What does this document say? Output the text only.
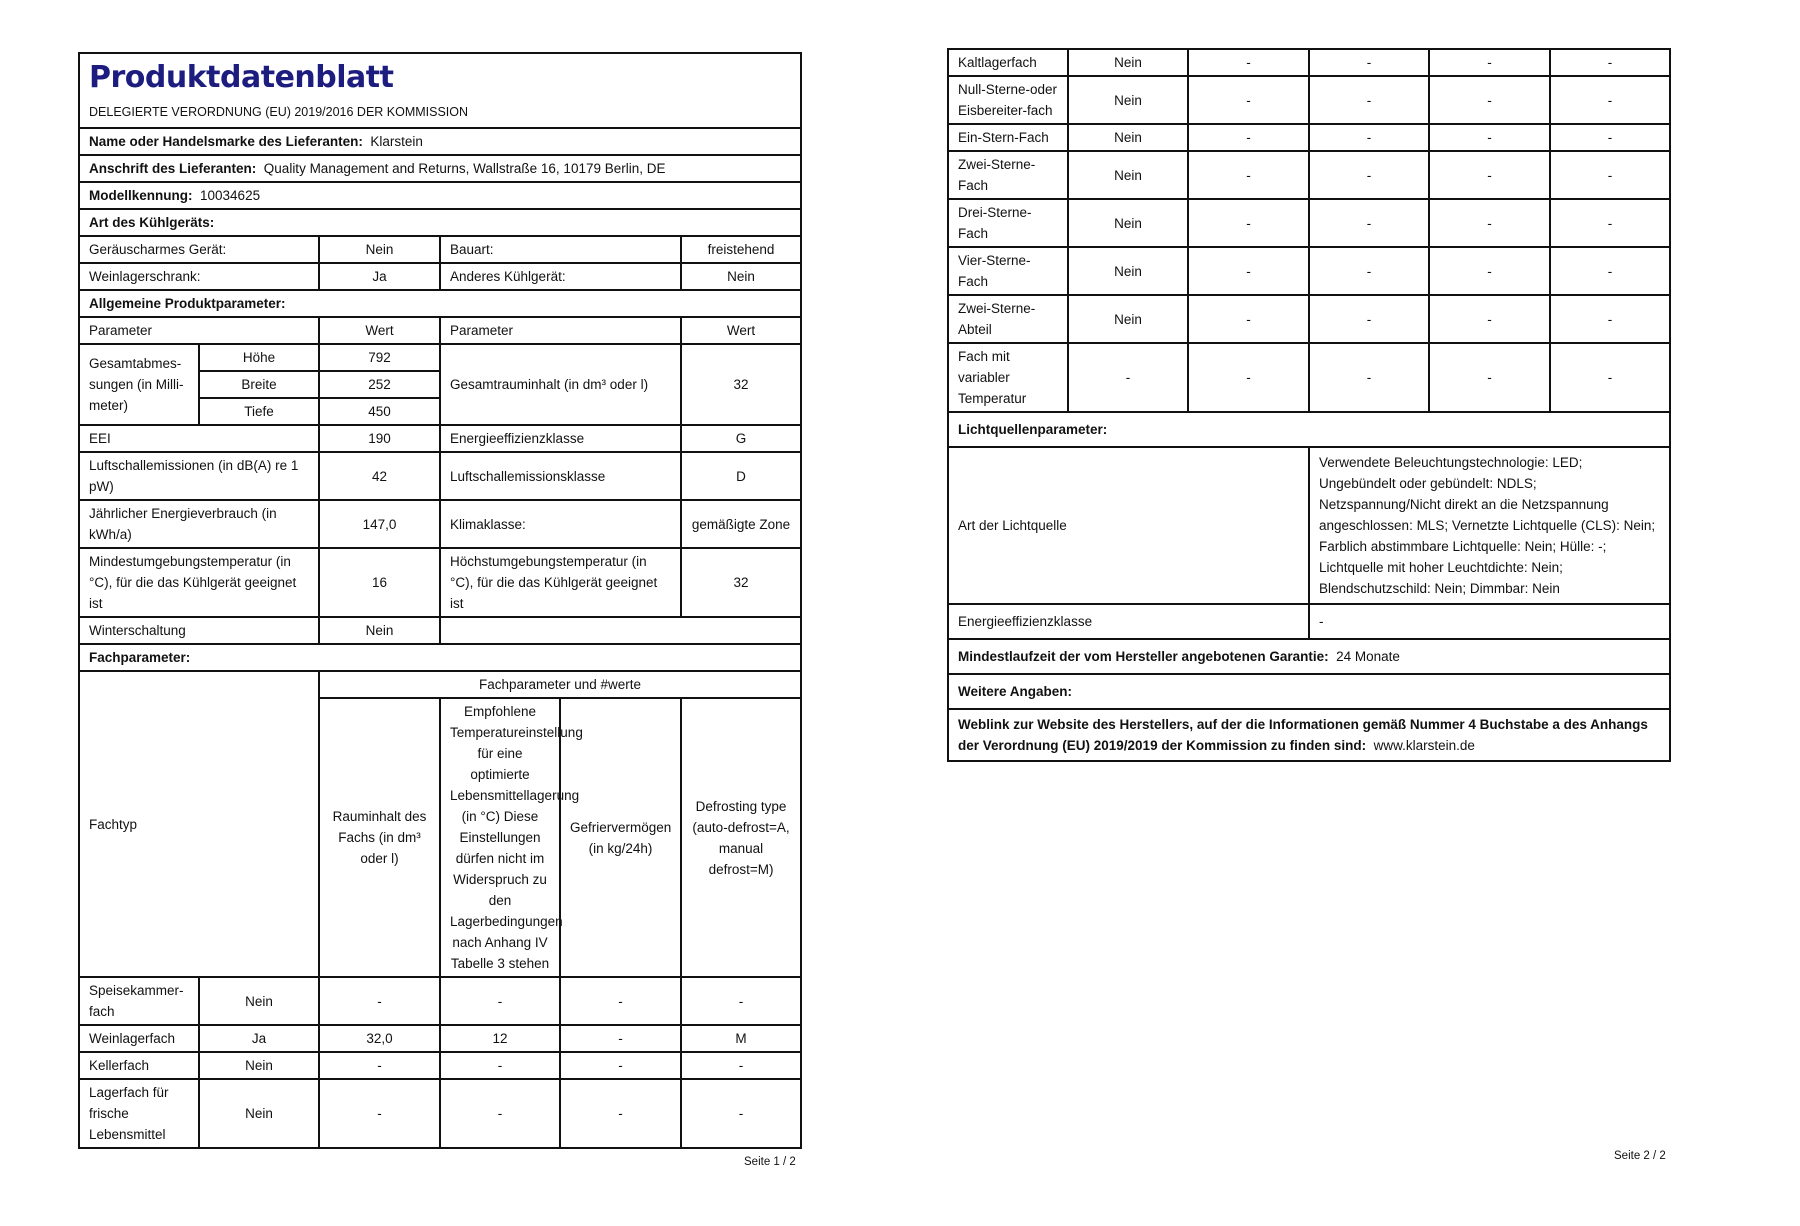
Produktdatenblatt
DELEGIERTE VERORDNUNG (EU) 2019/2016 DER KOMMISSION					

Name oder Handelsmarke des Lieferanten: Klarstein					
Anschrift des Lieferanten: Quality Management and Returns, Wallstraße 16, 10179 Berlin, DE					
Modellkennung: 10034625					
Art des Kühlgeräts:					
Geräuscharmes Gerät:		Nein	Bauart:		freistehend
Weinlagerschrank:		Ja	Anderes Kühlgerät:		Nein
Allgemeine Produktparameter:					
Parameter		Wert	Parameter		Wert
Gesamtabmes-sungen (in Milli-meter)	Höhe	792	Gesamtrauminhalt (in dm³ oder l)		32
	Breite	252			
	Tiefe	450			
EEI		190	Energieeffizienzklasse		G
Luftschallemissionen (in dB(A) re 1 pW)		42	Luftschallemissionsklasse		D
Jährlicher Energieverbrauch (in kWh/a)		147,0	Klimaklasse:		gemäßigte Zone
Mindestumgebungstemperatur (in °C), für die das Kühlgerät geeignet ist		16	Höchstumgebungstemperatur (in °C), für die das Kühlgerät geeignet ist		32
Winterschaltung		Nein			
Fachparameter:					
Fachtyp		Fachparameter und #werte			
		Rauminhalt des Fachs (in dm³ oder l)	Empfohlene Temperatureinstellung für eine optimierte Lebensmittellagerung (in °C) Diese Einstellungen dürfen nicht im Widerspruch zu den Lagerbedingungen nach Anhang IV Tabelle 3 stehen	Gefriervermögen (in kg/24h)	Defrosting type (auto-defrost=A, manual defrost=M)
Speisekammer-fach	Nein	-	-	-	-
Weinlagerfach	Ja	32,0	12	-	M
Kellerfach	Nein	-	-	-	-
Lagerfach für frische Lebensmittel	Nein	-	-	-	-
Seite 1 / 2
Kaltlagerfach	Nein	-	-	-	-
Null-Sterne-oder Eisbereiter-fach	Nein	-	-	-	-
Ein-Stern-Fach	Nein	-	-	-	-
Zwei-Sterne-Fach	Nein	-	-	-	-
Drei-Sterne-Fach	Nein	-	-	-	-
Vier-Sterne-Fach	Nein	-	-	-	-
Zwei-Sterne-Abteil	Nein	-	-	-	-
Fach mit variabler Temperatur	-	-	-	-	-
Lichtquellenparameter:					
Art der Lichtquelle			Verwendete Beleuchtungstechnologie: LED; Ungebündelt oder gebündelt: NDLS; Netzspannung/Nicht direkt an die Netzspannung angeschlossen: MLS; Vernetzte Lichtquelle (CLS): Nein; Farblich abstimmbare Lichtquelle: Nein; Hülle: -; Lichtquelle mit hoher Leuchtdichte: Nein; Blendschutzschild: Nein; Dimmbar: Nein		
Energieeffizienzklasse			-		
Mindestlaufzeit der vom Hersteller angebotenen Garantie: 24 Monate					
Weitere Angaben:					
Weblink zur Website des Herstellers, auf der die Informationen gemäß Nummer 4 Buchstabe a des Anhangs der Verordnung (EU) 2019/2019 der Kommission zu finden sind: www.klarstein.de					
Seite 2 / 2
